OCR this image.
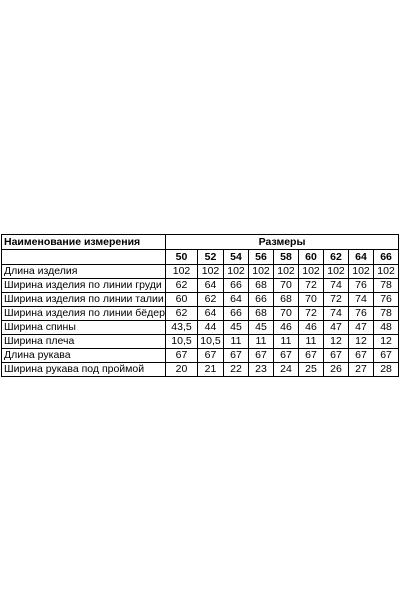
Наименование измерения	Размеры								
	50	52	54	56	58	60	62	64	66
Длина изделия	102	102	102	102	102	102	102	102	102
Ширина изделия по линии груди	62	64	66	68	70	72	74	76	78
Ширина изделия по линии талии	60	62	64	66	68	70	72	74	76
Ширина изделия по линии бёдер	62	64	66	68	70	72	74	76	78
Ширина спины	43,5	44	45	45	46	46	47	47	48
Ширина плеча	10,5	10,5	11	11	11	11	12	12	12
Длина рукава	67	67	67	67	67	67	67	67	67
Ширина рукава под проймой	20	21	22	23	24	25	26	27	28
